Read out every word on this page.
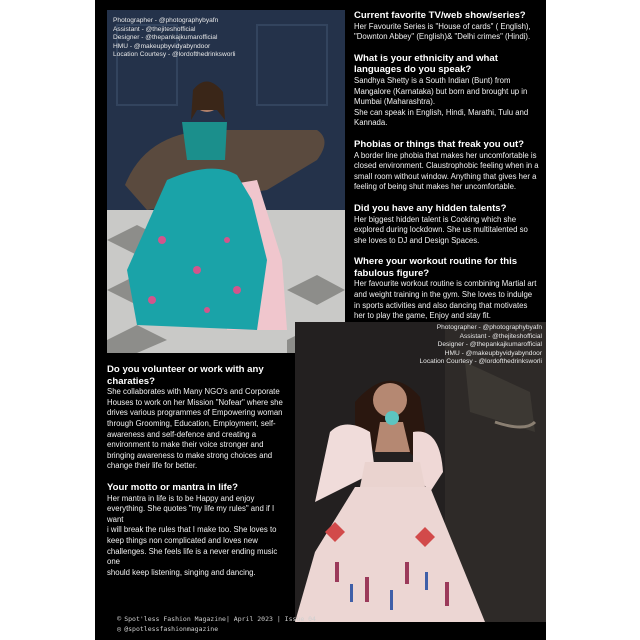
Photographer - @photographybyafn
Assistant - @thejiteshofficial
Designer - @thepankajkumarofficial
HMU - @makeupbyvidyabyndoor
Location Courtesy - @lordofthedrinksworli

Current favorite TV/web show/series?

Her Favourite Series is "House of cards" ( English),

"Downton Abbey" (English)& "Delhi crimes" (Hindi).

What is your ethnicity and what languages do you speak?

Sandhya Shetty is a South Indian (Bunt) from

Mangalore (Karnataka) but born and brought up in

Mumbai (Maharashtra).

She can speak in English, Hindi, Marathi, Tulu and

Kannada.

Phobias or things that freak you out?

A border line phobia that makes her uncomfortable is

closed environment. Claustrophobic feeling when in a

small room without window. Anything that gives her a

feeling of being shut makes her uncomfortable.

Did you have any hidden talents?

Her biggest hidden talent is Cooking which she

explored during lockdown. She us multitalented so

she loves to DJ and Design Spaces.

Where your workout routine for this fabulous figure?

Her favourite workout routine is combining Martial art

and weight training in the gym. She loves to indulge

in sports activities and also dancing that motivates

her to play the game, Enjoy and stay fit.

Photographer - @photographybyafn
Assistant - @thejiteshofficial
Designer - @thepankajkumarofficial
HMU - @makeupbyvidyabyndoor
Location Courtesy - @lordofthedrinksworli

Do you volunteer or work with any charaties?

She collaborates with Many NGO's and Corporate

Houses to work on her Mission "Nofear" where she

drives various programmes of Empowering woman

through Grooming, Education, Employment, self-

awareness and self-defence and creating a

environment to make their voice stronger and

bringing awareness to make strong choices and

change their life for better.

Your motto or mantra in life?

Her mantra in life is to be Happy and enjoy

everything. She quotes "my life my rules" and if I want

i will break the rules that I make too. She loves to

keep things non complicated and loves new

challenges. She feels life is a never ending music one

should keep listening, singing and dancing.

© Spot'less Fashion Magazine| April 2023 | Issue 04
◎ @spotlessfashionmagazine
